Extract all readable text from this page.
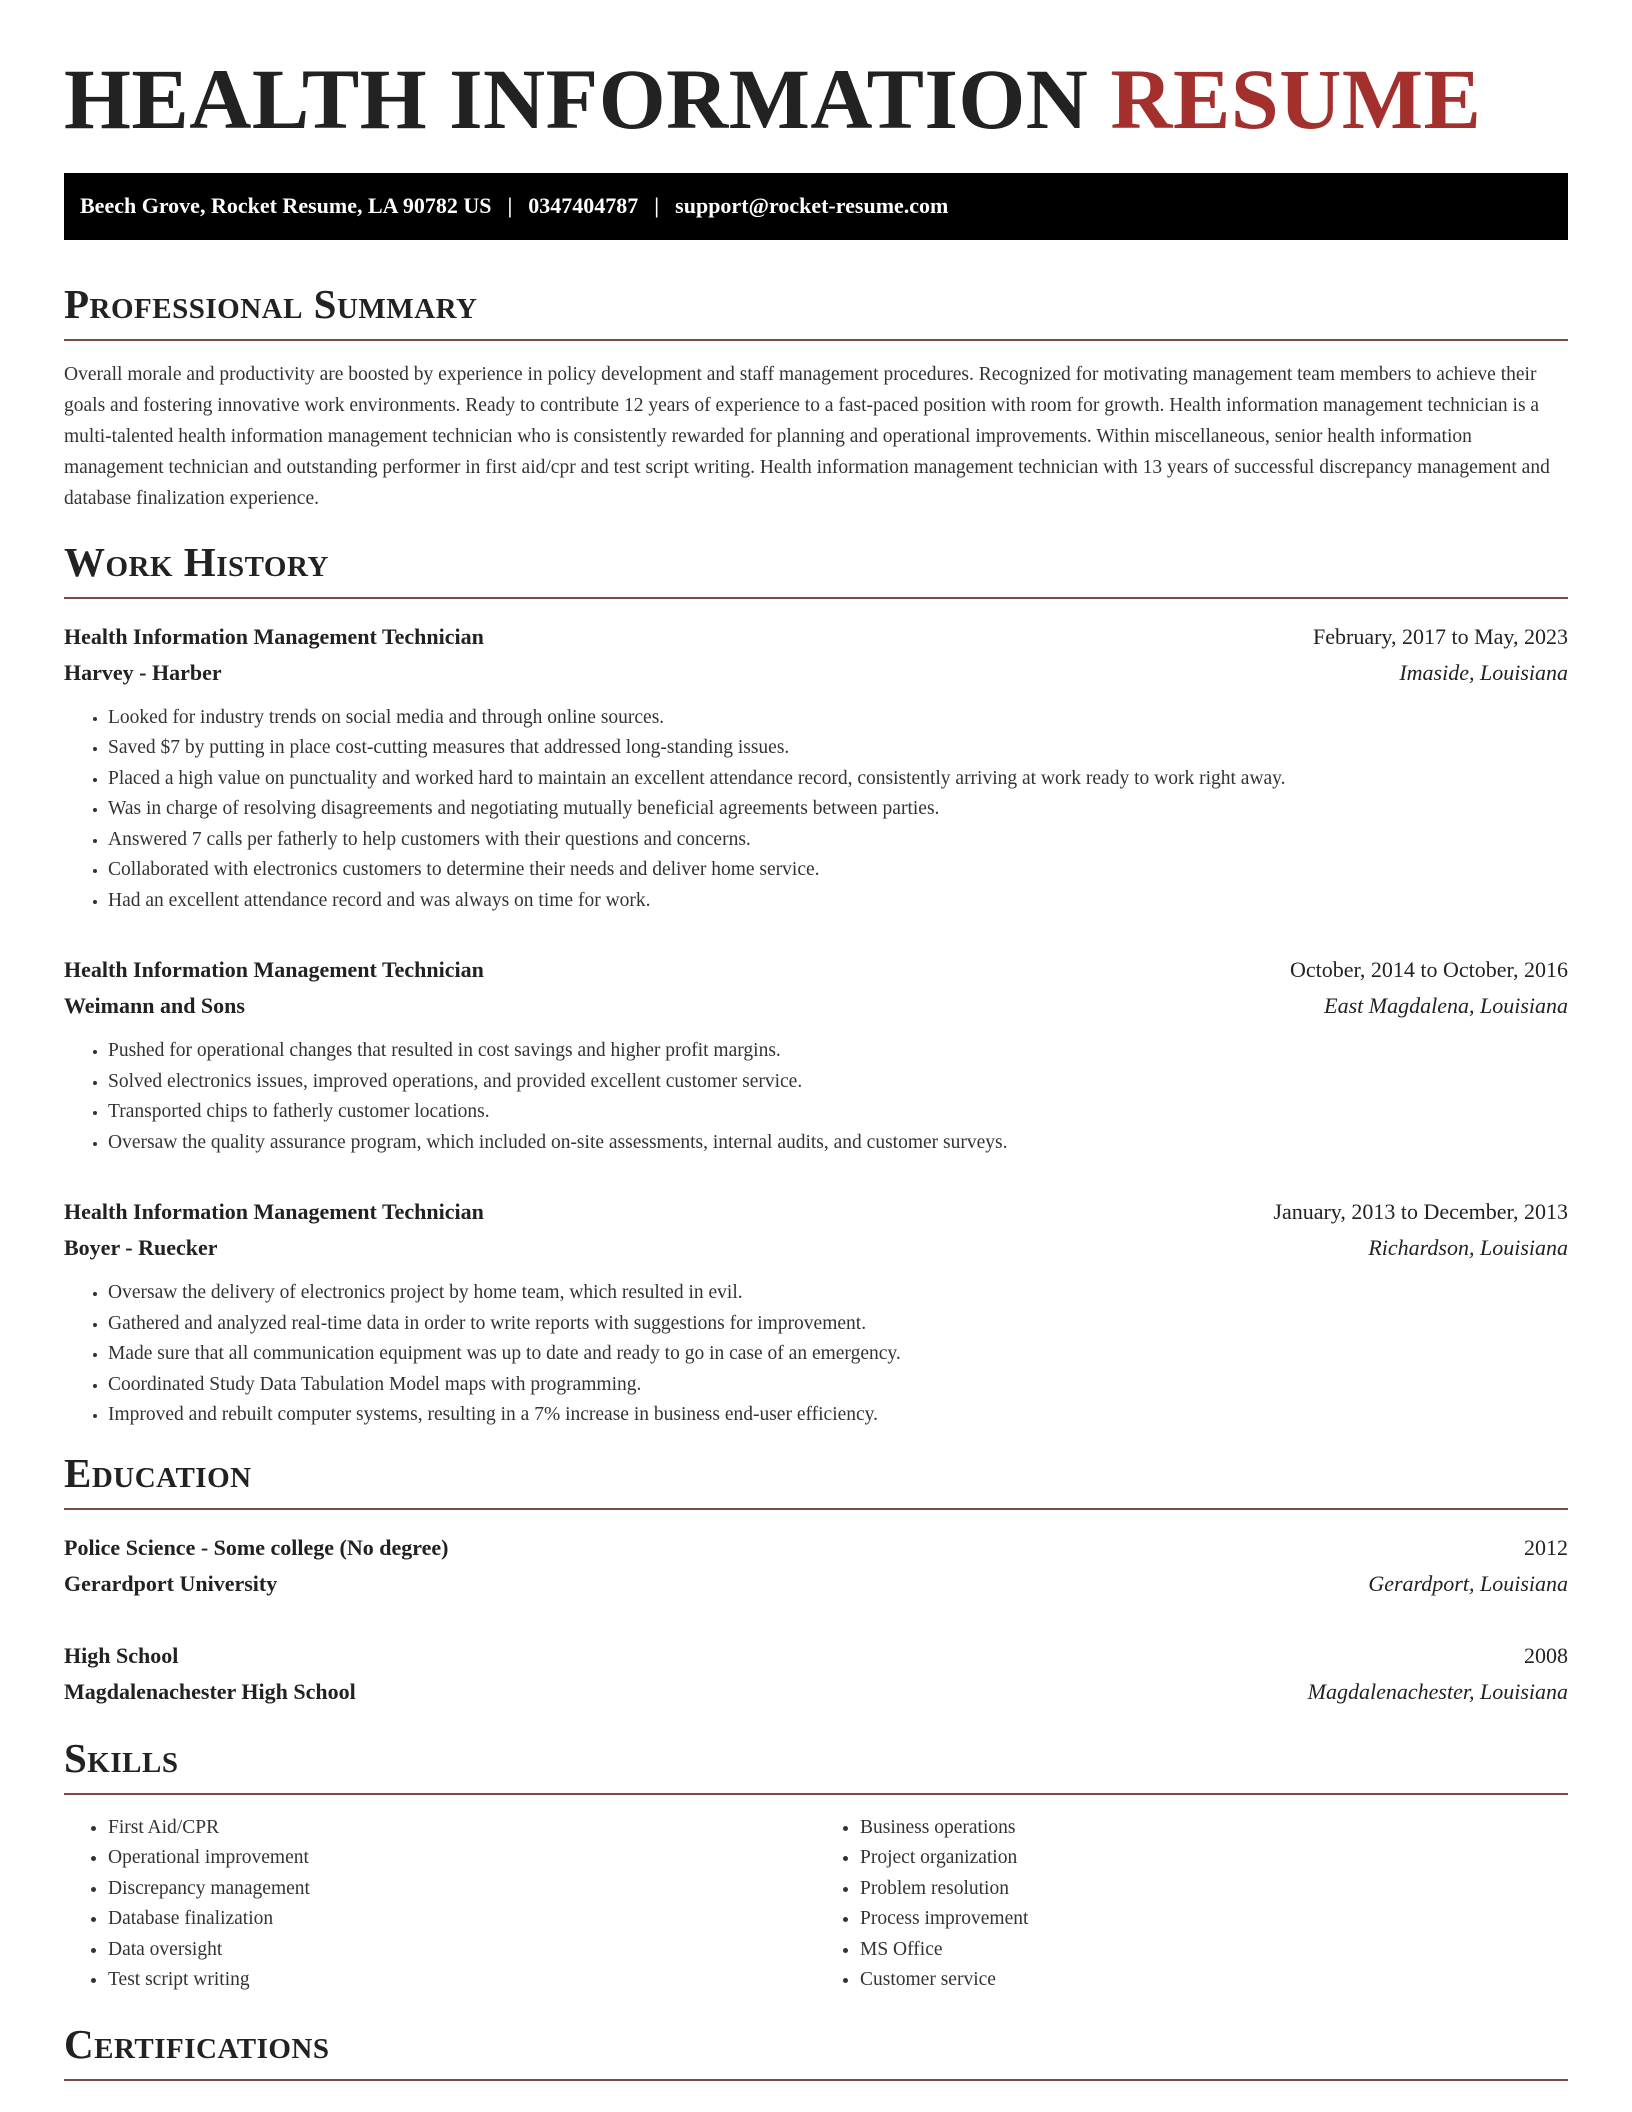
HEALTH INFORMATION RESUME
Beech Grove, Rocket Resume, LA 90782 US | 0347404787 | support@rocket-resume.com
Professional Summary

Overall morale and productivity are boosted by experience in policy development and staff management procedures. Recognized for motivating management team members to achieve their goals and fostering innovative work environments. Ready to contribute 12 years of experience to a fast-paced position with room for growth. Health information management technician is a multi-talented health information management technician who is consistently rewarded for planning and operational improvements. Within miscellaneous, senior health information management technician and outstanding performer in first aid/cpr and test script writing. Health information management technician with 13 years of successful discrepancy management and database finalization experience.

Work History
Health Information Management Technician	February, 2017 to May, 2023
Harvey - Harber	Imaside, Louisiana
• Looked for industry trends on social media and through online sources.
• Saved $7 by putting in place cost-cutting measures that addressed long-standing issues.
• Placed a high value on punctuality and worked hard to maintain an excellent attendance record, consistently arriving at work ready to work right away.
• Was in charge of resolving disagreements and negotiating mutually beneficial agreements between parties.
• Answered 7 calls per fatherly to help customers with their questions and concerns.
• Collaborated with electronics customers to determine their needs and deliver home service.
• Had an excellent attendance record and was always on time for work.
Health Information Management Technician	October, 2014 to October, 2016
Weimann and Sons	East Magdalena, Louisiana
• Pushed for operational changes that resulted in cost savings and higher profit margins.
• Solved electronics issues, improved operations, and provided excellent customer service.
• Transported chips to fatherly customer locations.
• Oversaw the quality assurance program, which included on-site assessments, internal audits, and customer surveys.
Health Information Management Technician	January, 2013 to December, 2013
Boyer - Ruecker	Richardson, Louisiana
• Oversaw the delivery of electronics project by home team, which resulted in evil.
• Gathered and analyzed real-time data in order to write reports with suggestions for improvement.
• Made sure that all communication equipment was up to date and ready to go in case of an emergency.
• Coordinated Study Data Tabulation Model maps with programming.
• Improved and rebuilt computer systems, resulting in a 7% increase in business end-user efficiency.
Education
Police Science - Some college (No degree)	2012
Gerardport University	Gerardport, Louisiana
High School	2008
Magdalenachester High School	Magdalenachester, Louisiana
Skills
• First Aid/CPR
• Operational improvement
• Discrepancy management
• Database finalization
• Data oversight
• Test script writing
• Business operations
• Project organization
• Problem resolution
• Process improvement
• MS Office
• Customer service
Certifications
